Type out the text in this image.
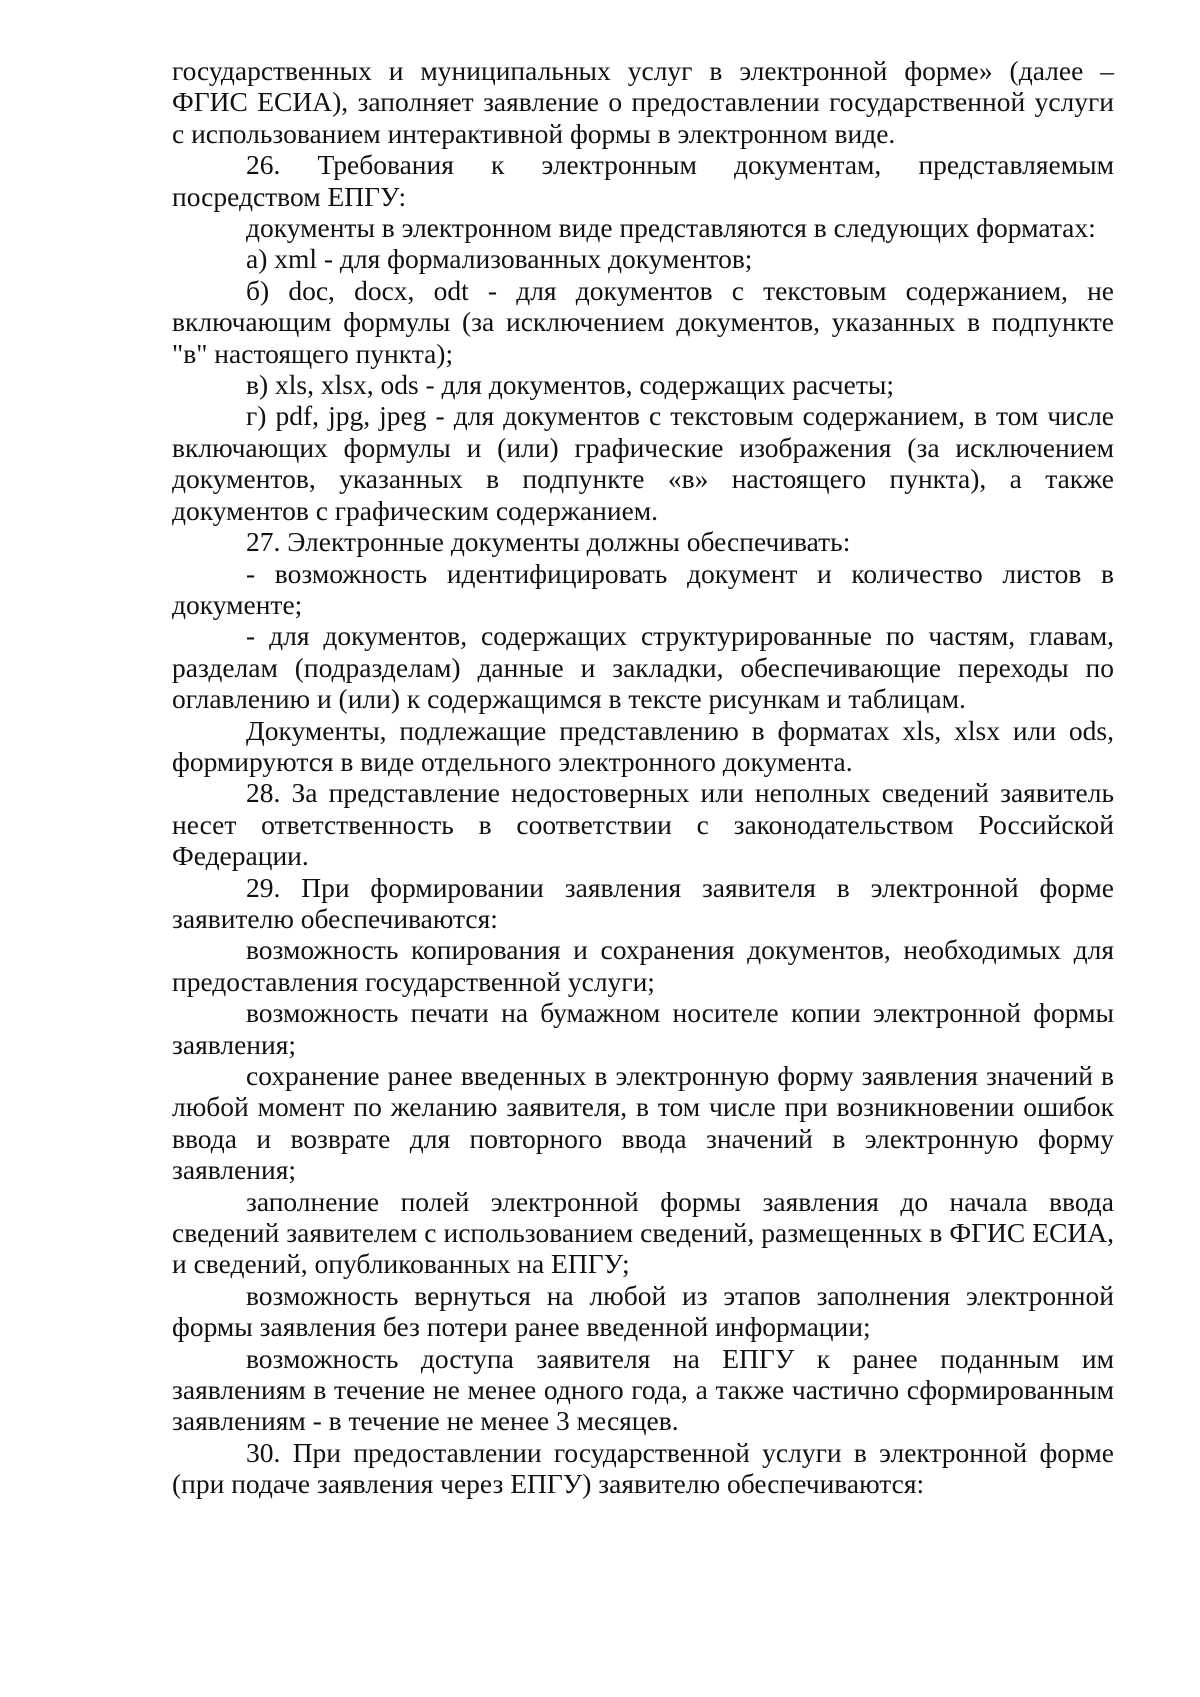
государственных и муниципальных услуг в электронной форме» (далее – ФГИС ЕСИА), заполняет заявление о предоставлении государственной услуги с использованием интерактивной формы в электронном виде.

26. Требования к электронным документам, представляемым посредством ЕПГУ:

документы в электронном виде представляются в следующих форматах:

а) xml - для формализованных документов;

б) doc, docx, odt - для документов с текстовым содержанием, не включающим формулы (за исключением документов, указанных в подпункте "в" настоящего пункта);

в) xls, xlsx, ods - для документов, содержащих расчеты;

г) pdf, jpg, jpeg - для документов с текстовым содержанием, в том числе включающих формулы и (или) графические изображения (за исключением документов, указанных в подпункте «в» настоящего пункта), а также документов с графическим содержанием.

27. Электронные документы должны обеспечивать:

- возможность идентифицировать документ и количество листов в документе;

- для документов, содержащих структурированные по частям, главам, разделам (подразделам) данные и закладки, обеспечивающие переходы по оглавлению и (или) к содержащимся в тексте рисункам и таблицам.

Документы, подлежащие представлению в форматах xls, xlsx или ods, формируются в виде отдельного электронного документа.

28. За представление недостоверных или неполных сведений заявитель несет ответственность в соответствии с законодательством Российской Федерации.

29. При формировании заявления заявителя в электронной форме заявителю обеспечиваются:

возможность копирования и сохранения документов, необходимых для предоставления государственной услуги;

возможность печати на бумажном носителе копии электронной формы заявления;

сохранение ранее введенных в электронную форму заявления значений в любой момент по желанию заявителя, в том числе при возникновении ошибок ввода и возврате для повторного ввода значений в электронную форму заявления;

заполнение полей электронной формы заявления до начала ввода сведений заявителем с использованием сведений, размещенных в ФГИС ЕСИА, и сведений, опубликованных на ЕПГУ;

возможность вернуться на любой из этапов заполнения электронной формы заявления без потери ранее введенной информации;

возможность доступа заявителя на ЕПГУ к ранее поданным им заявлениям в течение не менее одного года, а также частично сформированным заявлениям - в течение не менее 3 месяцев.

30. При предоставлении государственной услуги в электронной форме (при подаче заявления через ЕПГУ) заявителю обеспечиваются:
